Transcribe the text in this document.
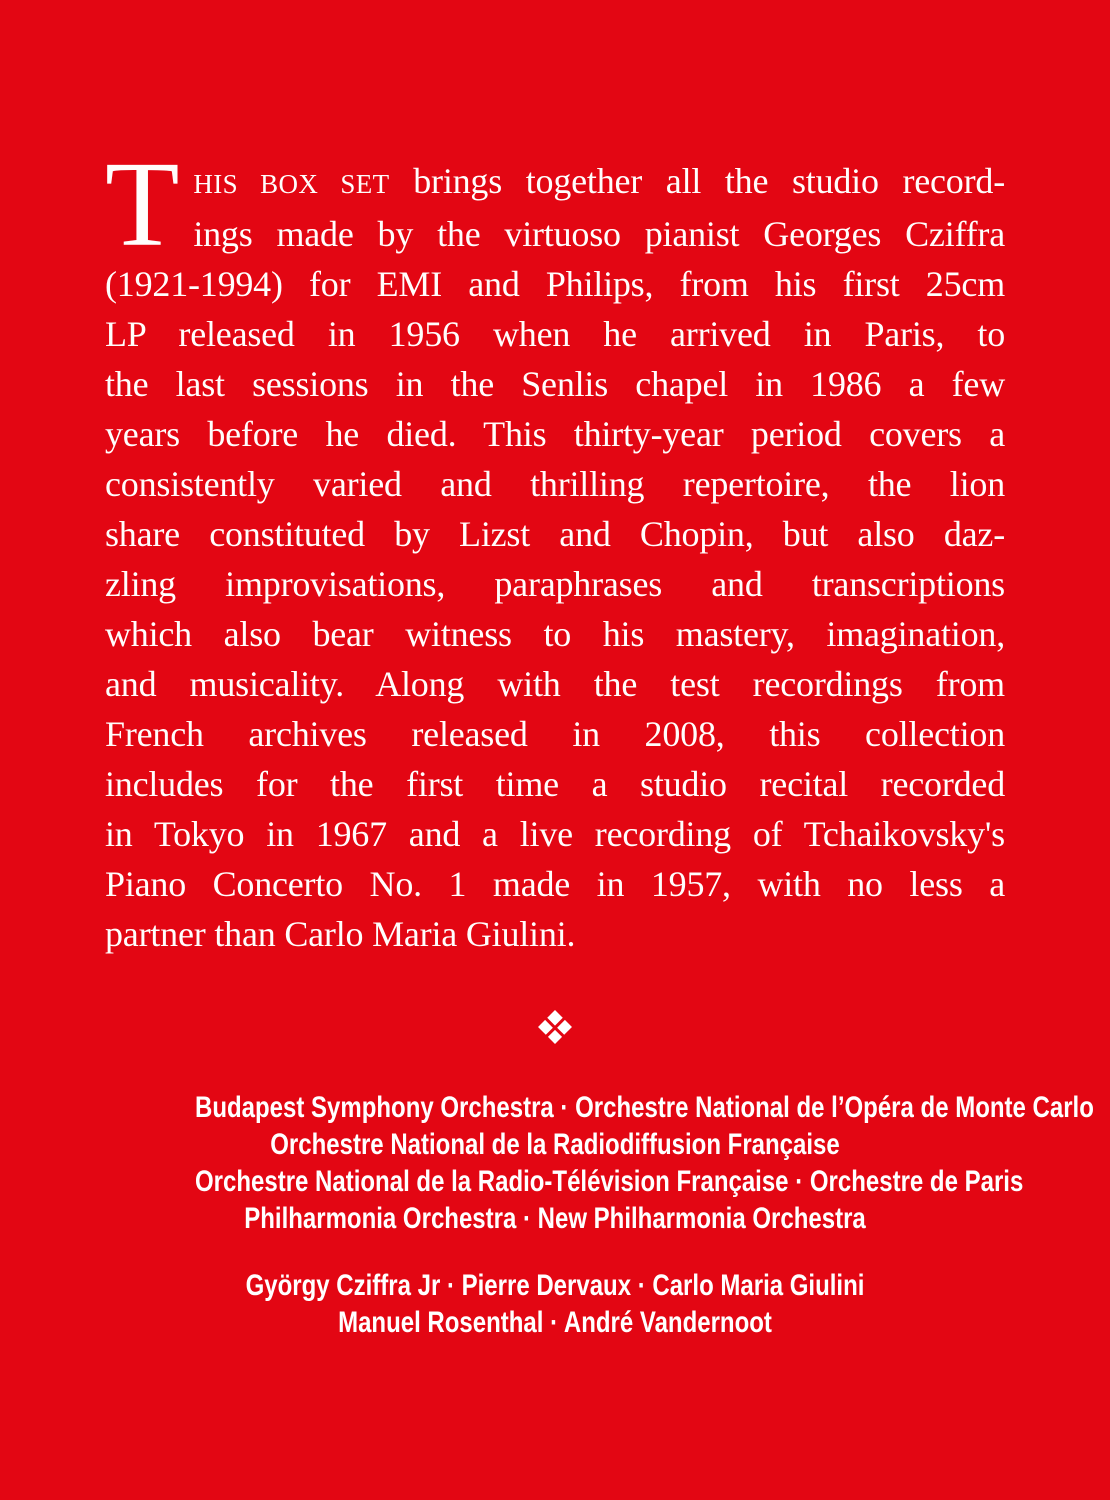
T HIS BOX SET brings together all the studio record-
ings made by the virtuoso pianist Georges Cziffra
(1921-1994) for EMI and Philips, from his first 25cm
LP released in 1956 when he arrived in Paris, to
the last sessions in the Senlis chapel in 1986 a few
years before he died. This thirty-year period covers a
consistently varied and thrilling repertoire, the lion
share constituted by Lizst and Chopin, but also daz-
zling improvisations, paraphrases and transcriptions
which also bear witness to his mastery, imagination,
and musicality. Along with the test recordings from
French archives released in 2008, this collection
includes for the first time a studio recital recorded
in Tokyo in 1967 and a live recording of Tchaikovsky's
Piano Concerto No. 1 made in 1957, with no less a
partner than Carlo Maria Giulini.
Budapest Symphony Orchestra · Orchestre National de l’Opéra de Monte Carlo
Orchestre National de la Radiodiffusion Française
Orchestre National de la Radio-Télévision Française · Orchestre de Paris
Philharmonia Orchestra · New Philharmonia Orchestra
György Cziffra Jr · Pierre Dervaux · Carlo Maria Giulini
Manuel Rosenthal · André Vandernoot
